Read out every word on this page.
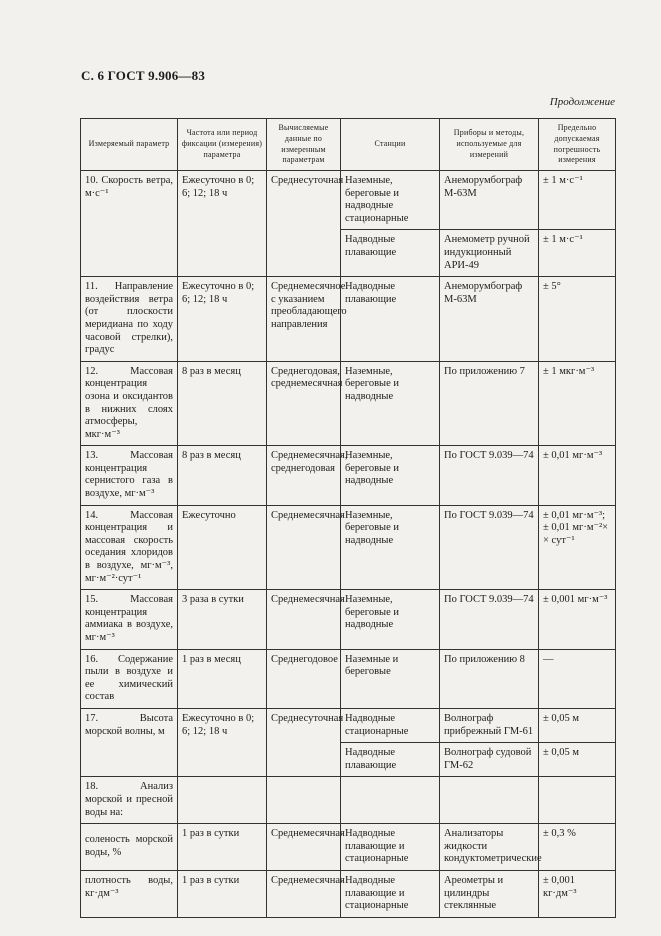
С. 6 ГОСТ 9.906—83
Продолжение
Измеряемый параметр	Частота или период фиксации (измерения) параметра	Вычисляемые данные по измеренным параметрам	Станции	Приборы и методы, используемые для измерений	Предельно допускаемая погрешность измерения
10. Скорость ветра, м·с⁻¹	Ежесуточно в 0; 6; 12; 18 ч	Среднесуточная	Наземные, береговые и надводные стационарные	Анеморумбограф М-63М	± 1 м·с⁻¹
			Надводные плавающие	Анемометр ручной индукционный АРИ-49	± 1 м·с⁻¹
11. Направление воздействия ветра (от плоскости меридиана по ходу часовой стрелки), градус	Ежесуточно в 0; 6; 12; 18 ч	Среднемесячное с указанием преобладающего направления	Надводные плавающие	Анеморумбограф М-63М	± 5°
12. Массовая концентрация озона и оксидантов в нижних слоях атмосферы, мкг·м⁻³	8 раз в месяц	Среднегодовая, среднемесячная	Наземные, береговые и надводные	По приложению 7	± 1 мкг·м⁻³
13. Массовая концентрация сернистого газа в воздухе, мг·м⁻³	8 раз в месяц	Среднемесячная, среднегодовая	Наземные, береговые и надводные	По ГОСТ 9.039—74	± 0,01 мг·м⁻³
14. Массовая концентрация и массовая скорость оседания хлоридов в воздухе, мг·м⁻³, мг·м⁻²·сут⁻¹	Ежесуточно	Среднемесячная	Наземные, береговые и надводные	По ГОСТ 9.039—74	± 0,01 мг·м⁻³; ± 0,01 мг·м⁻²× × сут⁻¹
15. Массовая концентрация аммиака в воздухе, мг·м⁻³	3 раза в сутки	Среднемесячная	Наземные, береговые и надводные	По ГОСТ 9.039—74	± 0,001 мг·м⁻³
16. Содержание пыли в воздухе и ее химический состав	1 раз в месяц	Среднегодовое	Наземные и береговые	По приложению 8	—
17. Высота морской волны, м	Ежесуточно в 0; 6; 12; 18 ч	Среднесуточная	Надводные стационарные	Волнограф прибрежный ГМ-61	± 0,05 м
			Надводные плавающие	Волнограф судовой ГМ-62	± 0,05 м
18. Анализ морской и пресной воды на:					
соленость морской воды, %	1 раз в сутки	Среднемесячная	Надводные плавающие и стационарные	Анализаторы жидкости кондуктометрические	± 0,3 %
плотность воды, кг·дм⁻³	1 раз в сутки	Среднемесячная	Надводные плавающие и стационарные	Ареометры и цилиндры стеклянные	± 0,001 кг·дм⁻³
